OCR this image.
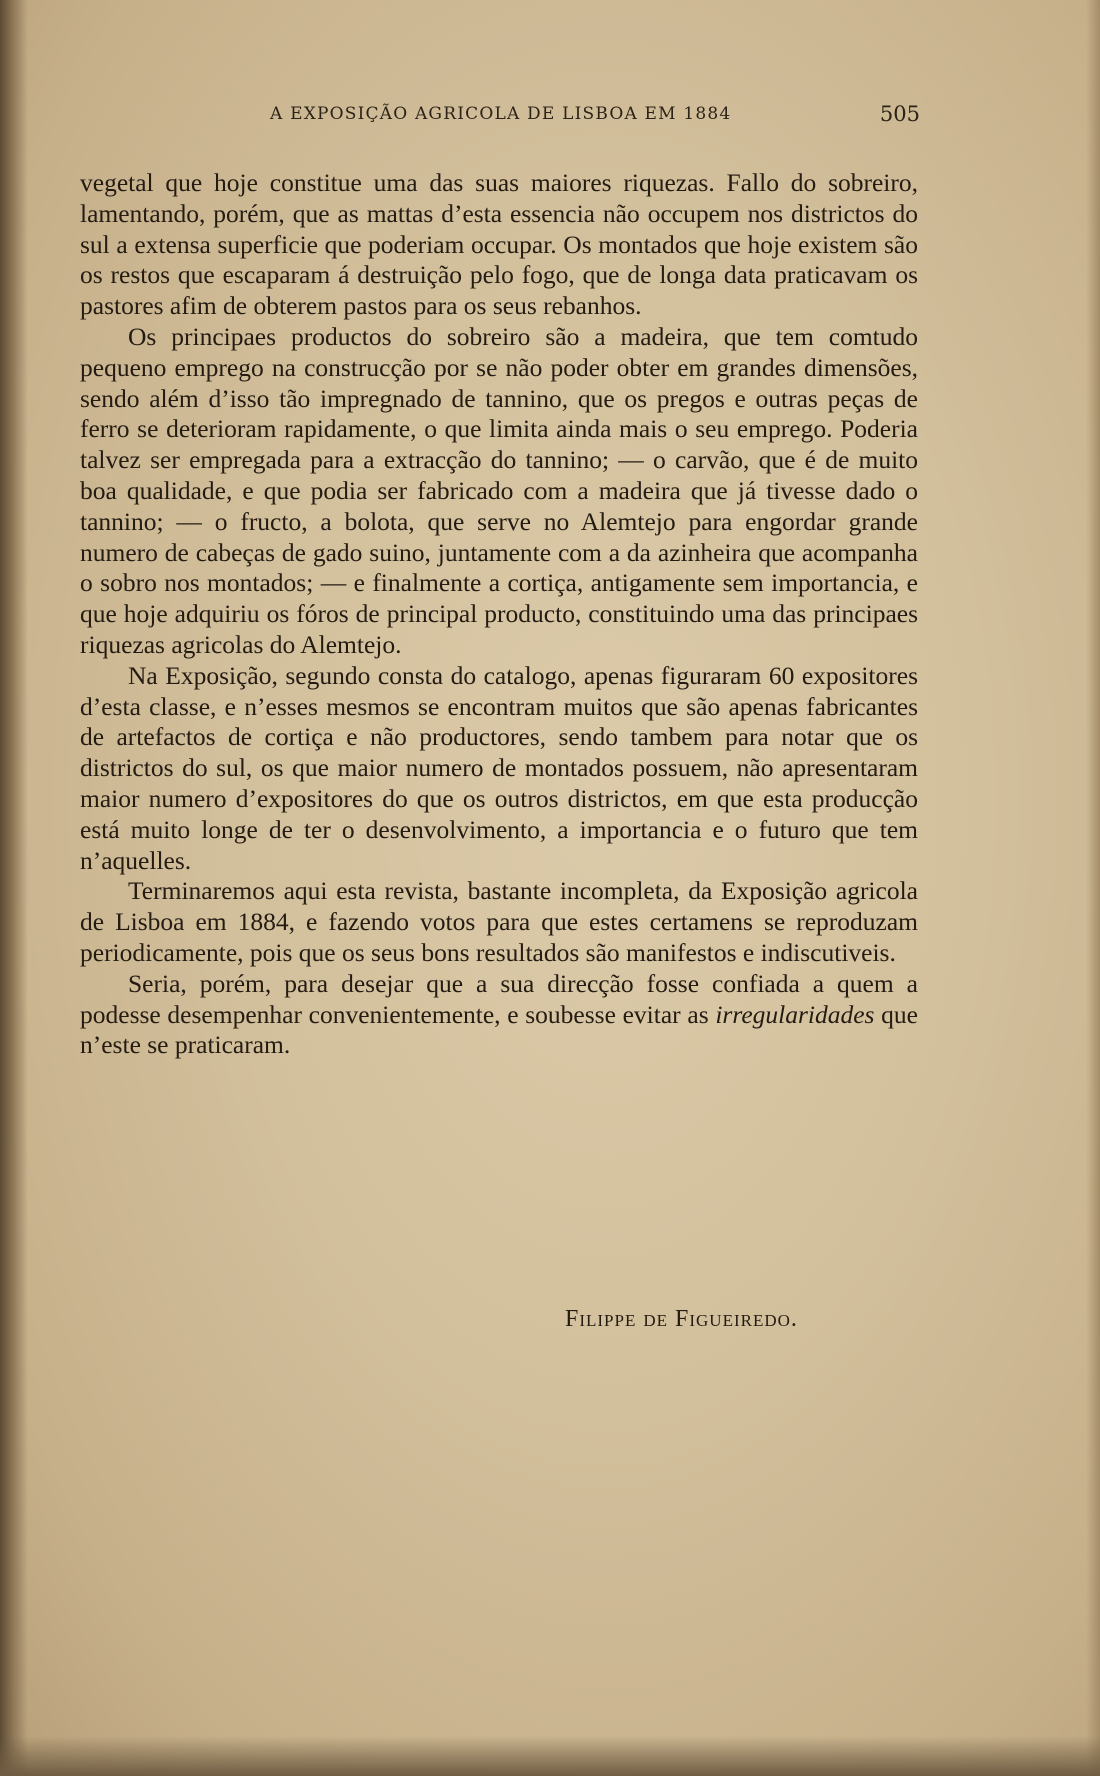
A EXPOSIÇÃO AGRICOLA DE LISBOA EM 1884	505

vegetal que hoje constitue uma das suas maiores riquezas. Fallo do sobreiro, lamentando, porém, que as mattas d’esta essencia não occupem nos districtos do sul a extensa superficie que poderiam occupar. Os montados que hoje existem são os restos que escaparam á destruição pelo fogo, que de longa data praticavam os pastores afim de obterem pastos para os seus rebanhos.

Os principaes productos do sobreiro são a madeira, que tem comtudo pequeno emprego na construcção por se não poder obter em grandes dimensões, sendo além d’isso tão impregnado de tannino, que os pregos e outras peças de ferro se deterioram rapidamente, o que limita ainda mais o seu emprego. Poderia talvez ser empregada para a extracção do tannino; — o carvão, que é de muito boa qualidade, e que podia ser fabricado com a madeira que já tivesse dado o tannino; — o fructo, a bolota, que serve no Alemtejo para engordar grande numero de cabeças de gado suino, juntamente com a da azinheira que acompanha o sobro nos montados; — e finalmente a cortiça, antigamente sem importancia, e que hoje adquiriu os fóros de principal producto, constituindo uma das principaes riquezas agricolas do Alemtejo.

Na Exposição, segundo consta do catalogo, apenas figuraram 60 expositores d’esta classe, e n’esses mesmos se encontram muitos que são apenas fabricantes de artefactos de cortiça e não productores, sendo tambem para notar que os districtos do sul, os que maior numero de montados possuem, não apresentaram maior numero d’expositores do que os outros districtos, em que esta producção está muito longe de ter o desenvolvimento, a importancia e o futuro que tem n’aquelles.

Terminaremos aqui esta revista, bastante incompleta, da Exposição agricola de Lisboa em 1884, e fazendo votos para que estes certamens se reproduzam periodicamente, pois que os seus bons resultados são manifestos e indiscutiveis.

Seria, porém, para desejar que a sua direcção fosse confiada a quem a podesse desempenhar convenientemente, e soubesse evitar as irregularidades que n’este se praticaram.

Filippe de Figueiredo.
